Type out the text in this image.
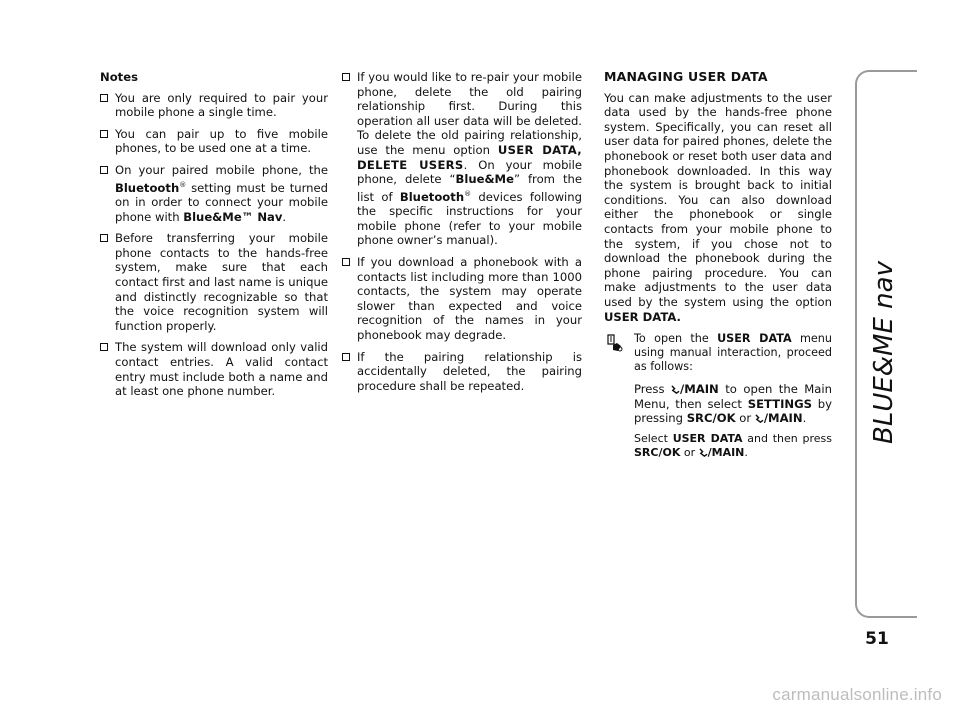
Notes
You are only required to pair your mobile phone a single time.
You can pair up to five mobile phones, to be used one at a time.
On your paired mobile phone, the Bluetooth® setting must be turned on in order to connect your mobile phone with Blue&Me™ Nav.
Before transferring your mobile phone contacts to the hands-free system, make sure that each contact first and last name is unique and distinctly recognizable so that the voice recognition system will function properly.
The system will download only valid contact entries. A valid contact entry must include both a name and at least one phone number.
If you would like to re-pair your mobile phone, delete the old pairing relationship first. During this operation all user data will be deleted. To delete the old pairing relationship, use the menu option USER DATA, DELETE USERS. On your mobile phone, delete “Blue&Me” from the list of Bluetooth® devices following the specific instructions for your mobile phone (refer to your mobile phone owner’s manual).
If you download a phonebook with a contacts list including more than 1000 contacts, the system may operate slower than expected and voice recognition of the names in your phonebook may degrade.
If the pairing relationship is accidentally deleted, the pairing procedure shall be repeated.
MANAGING USER DATA

You can make adjustments to the user data used by the hands-free phone system. Specifically, you can reset all user data for paired phones, delete the phonebook or reset both user data and phonebook downloaded. In this way the system is brought back to initial conditions. You can also download either the phonebook or single contacts from your mobile phone to the system, if you chose not to download the phonebook during the phone pairing procedure. You can make adjustments to the user data used by the system using the option USER DATA.

To open the USER DATA menu using manual interaction, proceed as follows:

Press /MAIN to open the Main Menu, then select SETTINGS by pressing SRC/OK or /MAIN.

Select USER DATA and then press SRC/OK or /MAIN.

BLUE&ME nav
51
carmanualsonline.info
